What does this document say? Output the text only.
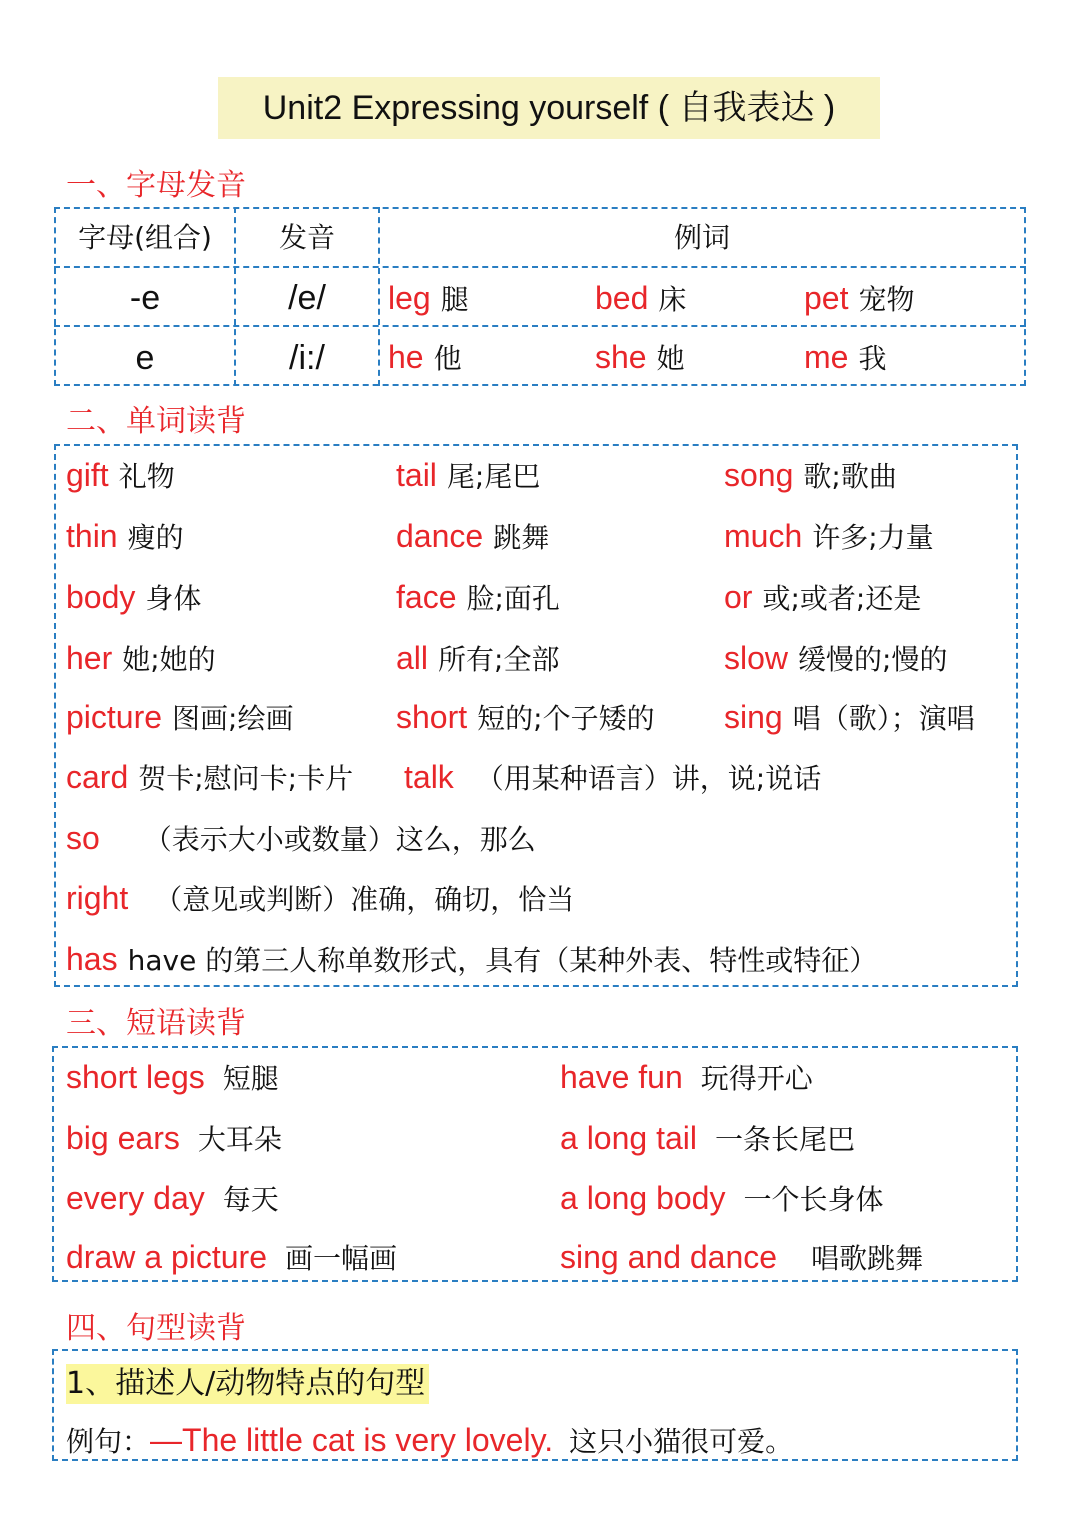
Unit2 Expressing yourself ( 自我表达 )
一、字母发音
字母(组合)	发音	例词
-e	/e/	leg 腿	bed 床	pet 宠物
e	/i:/	he 他	she 她	me 我
二、单词读背
gift 礼物	tail 尾;尾巴	song 歌;歌曲
thin 瘦的	dance 跳舞	much 许多;力量
body 身体	face 脸;面孔	or 或;或者;还是
her 她;她的	all 所有;全部	slow 缓慢的;慢的
picture 图画;绘画	short 短的;个子矮的 sing 唱（歌）；演唱
card 贺卡;慰问卡;卡片 talk （用某种语言）讲，说;说话
so （表示大小或数量）这么，那么
right （意见或判断）准确，确切，恰当
has have 的第三人称单数形式，具有（某种外表、特性或特征）
三、短语读背
short legs 短腿	have fun 玩得开心
big ears 大耳朵	a long tail 一条长尾巴
every day 每天	a long body 一个长身体
draw a picture 画一幅画	sing and dance 唱歌跳舞
四、句型读背
1、描述人/动物特点的句型
例句：—The little cat is very lovely. 这只小猫很可爱。
